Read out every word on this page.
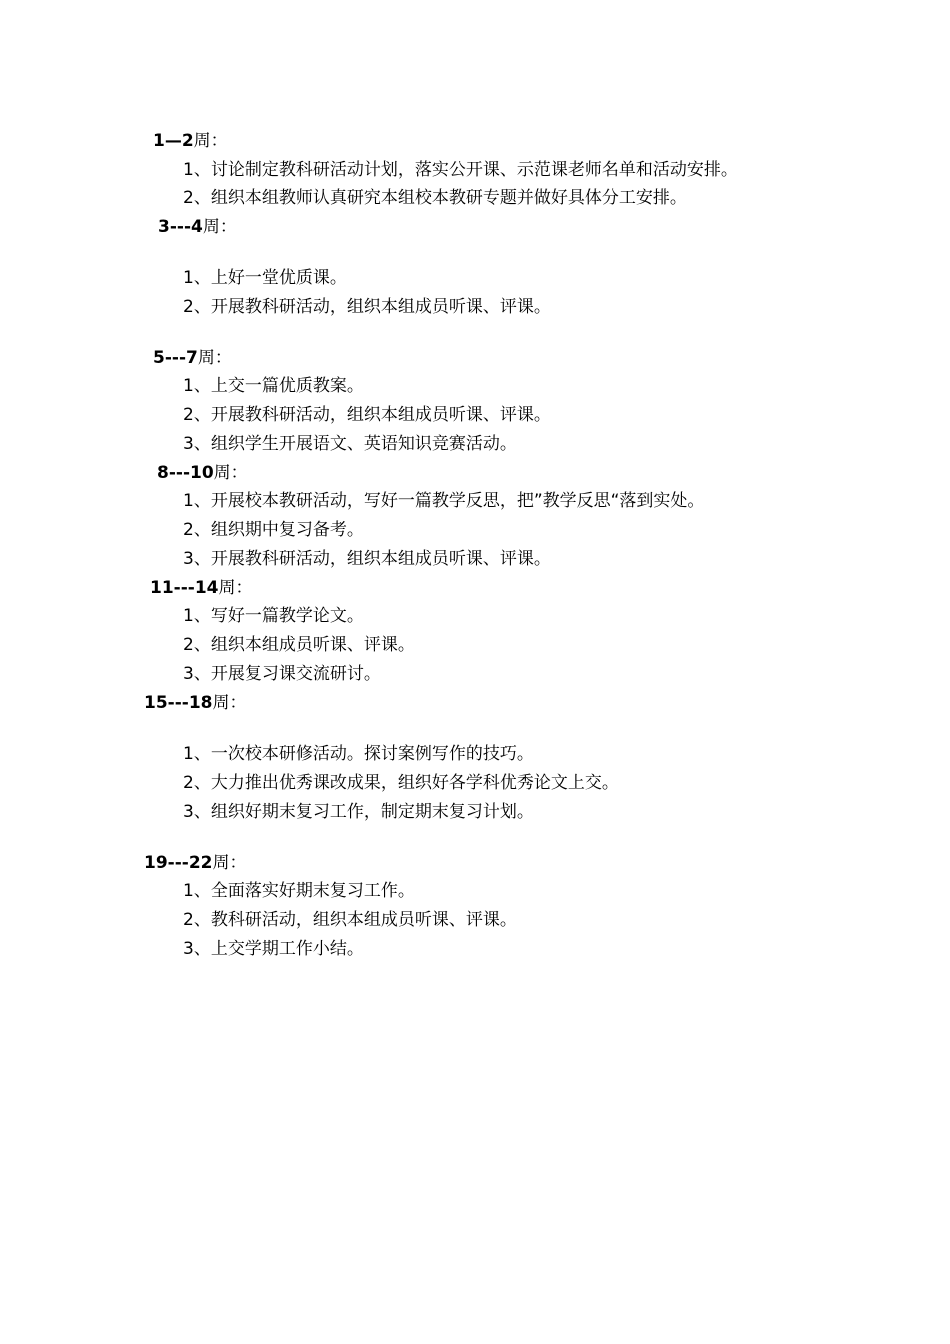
1—2周：

1、讨论制定教科研活动计划，落实公开课、示范课老师名单和活动安排。

2、组织本组教师认真研究本组校本教研专题并做好具体分工安排。

3---4周：

1、上好一堂优质课。

2、开展教科研活动，组织本组成员听课、评课。

5---7周：

1、上交一篇优质教案。

2、开展教科研活动，组织本组成员听课、评课。

3、组织学生开展语文、英语知识竞赛活动。

8---10周：

1、开展校本教研活动，写好一篇教学反思，把”教学反思“落到实处。

2、组织期中复习备考。

3、开展教科研活动，组织本组成员听课、评课。

11---14周：

1、写好一篇教学论文。

2、组织本组成员听课、评课。

3、开展复习课交流研讨。

15---18周：

1、一次校本研修活动。探讨案例写作的技巧。

2、大力推出优秀课改成果，组织好各学科优秀论文上交。

3、组织好期末复习工作，制定期末复习计划。

19---22周：

1、全面落实好期末复习工作。

2、教科研活动，组织本组成员听课、评课。

3、上交学期工作小结。
